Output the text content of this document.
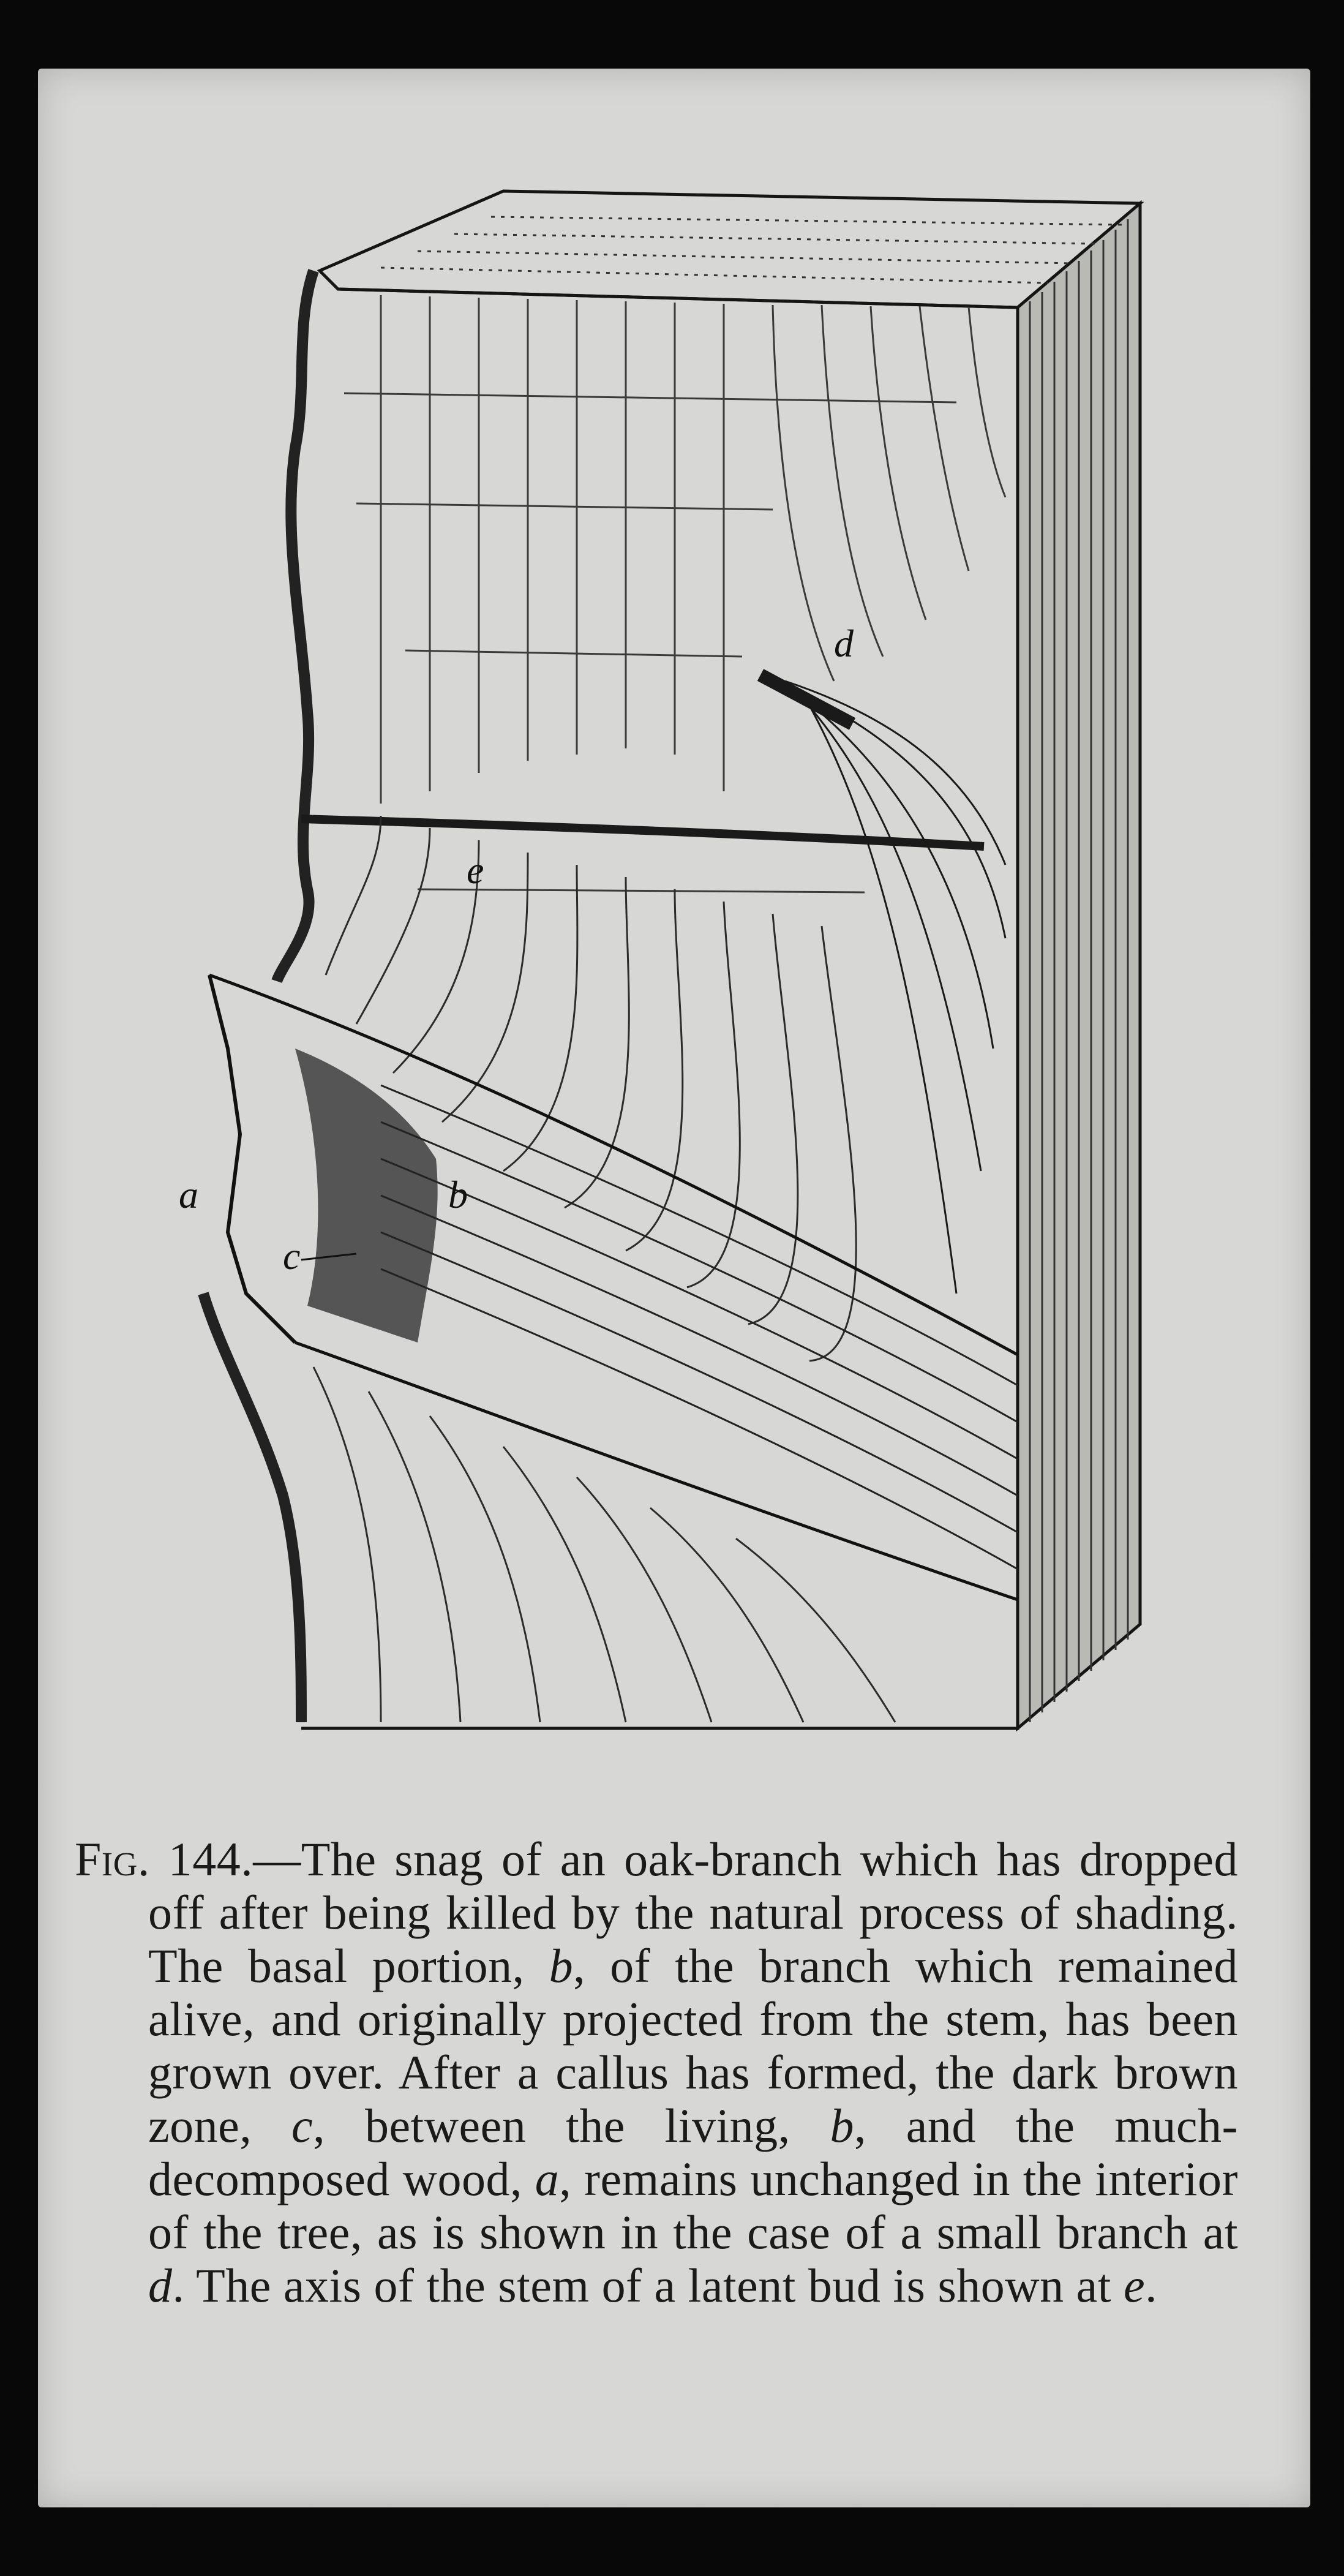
d
e
a	b
c

Fig. 144.—The snag of an oak-branch which has dropped off after being killed by the natural process of shading. The basal portion, b, of the branch which remained alive, and originally projected from the stem, has been grown over. After a callus has formed, the dark brown zone, c, between the living, b, and the much-decomposed wood, a, remains unchanged in the interior of the tree, as is shown in the case of a small branch at d. The axis of the stem of a latent bud is shown at e.
